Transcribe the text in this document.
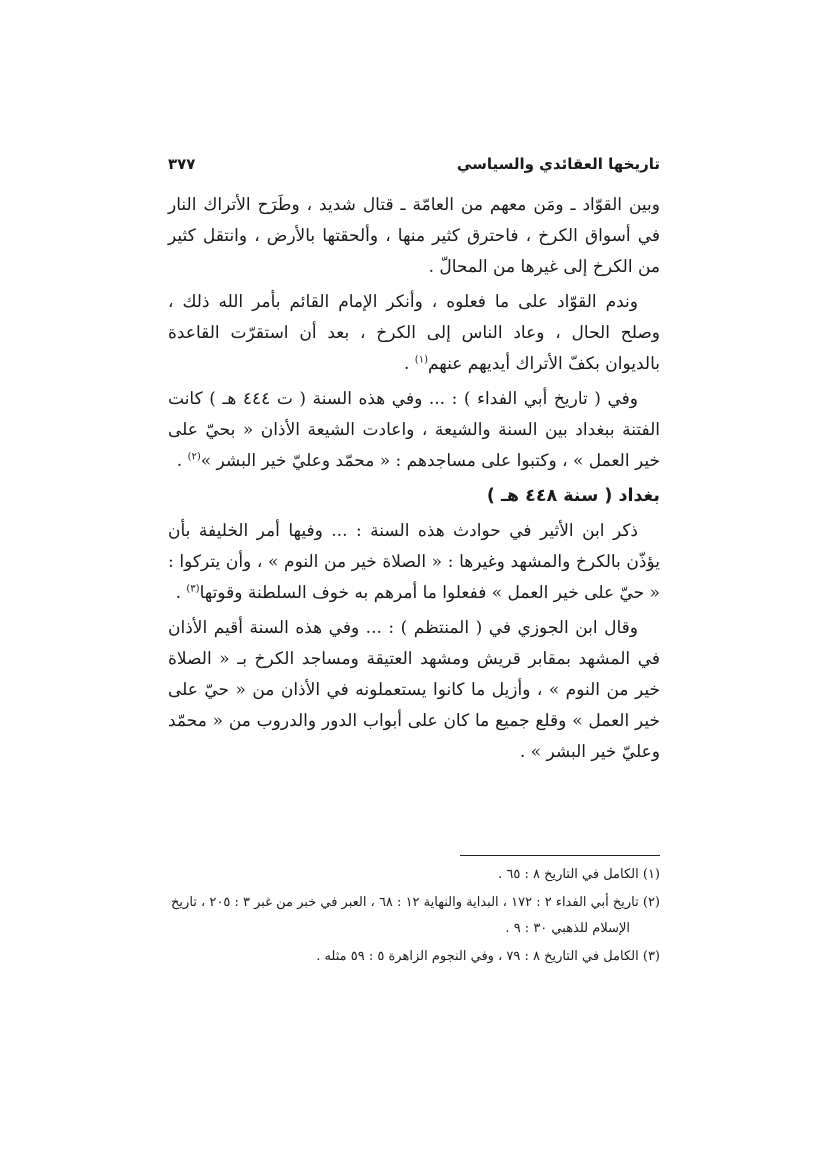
تاريخها العقائدي والسياسي
٣٧٧

وبين القوّاد ـ ومَن معهم من العامّة ـ قتال شديد ، وطَرَح الأتراك النار في أسواق الكرخ ، فاحترق كثير منها ، وألحقتها بالأرض ، وانتقل كثير من الكرخ إلى غيرها من المحالّ .

وندم القوّاد على ما فعلوه ، وأنكر الإمام القائم بأمر الله ذلك ، وصلح الحال ، وعاد الناس إلى الكرخ ، بعد أن استقرّت القاعدة بالديوان بكفّ الأتراك أيديهم عنهم$^{(١)}$ .

وفي ( تاريخ أبي الفداء ) : ... وفي هذه السنة ( ت ٤٤٤ هـ ) كانت الفتنة ببغداد بين السنة والشيعة ، واعادت الشيعة الأذان « بحيّ على خير العمل » ، وكتبوا على مساجدهم : « محمّد وعليّ خير البشر »$^{(٢)}$ .

بغداد ( سنة ٤٤٨ هـ )

ذكر ابن الأثير في حوادث هذه السنة : ... وفيها أمر الخليفة بأن يؤذّن بالكرخ والمشهد وغيرها : « الصلاة خير من النوم » ، وأن يتركوا : « حيّ على خير العمل » ففعلوا ما أمرهم به خوف السلطنة وقوتها$^{(٣)}$ .

وقال ابن الجوزي في ( المنتظم ) : ... وفي هذه السنة أقيم الأذان في المشهد بمقابر قريش ومشهد العتيقة ومساجد الكرخ بـ « الصلاة خير من النوم » ، وأزيل ما كانوا يستعملونه في الأذان من « حيّ على خير العمل » وقلع جميع ما كان على أبواب الدور والدروب من « محمّد وعليّ خير البشر » .

(١) الكامل في التاريخ ٨ : ٦٥ .
(٢) تاريخ أبي الفداء ٢ : ١٧٢ ، البداية والنهاية ١٢ : ٦٨ ، العبر في خبر من غبر ٣ : ٢٠٥ ، تاريخ
الإسلام للذهبي ٣٠ : ٩ .
(٣) الكامل في التاريخ ٨ : ٧٩ ، وفي النجوم الزاهرة ٥ : ٥٩ مثله .
